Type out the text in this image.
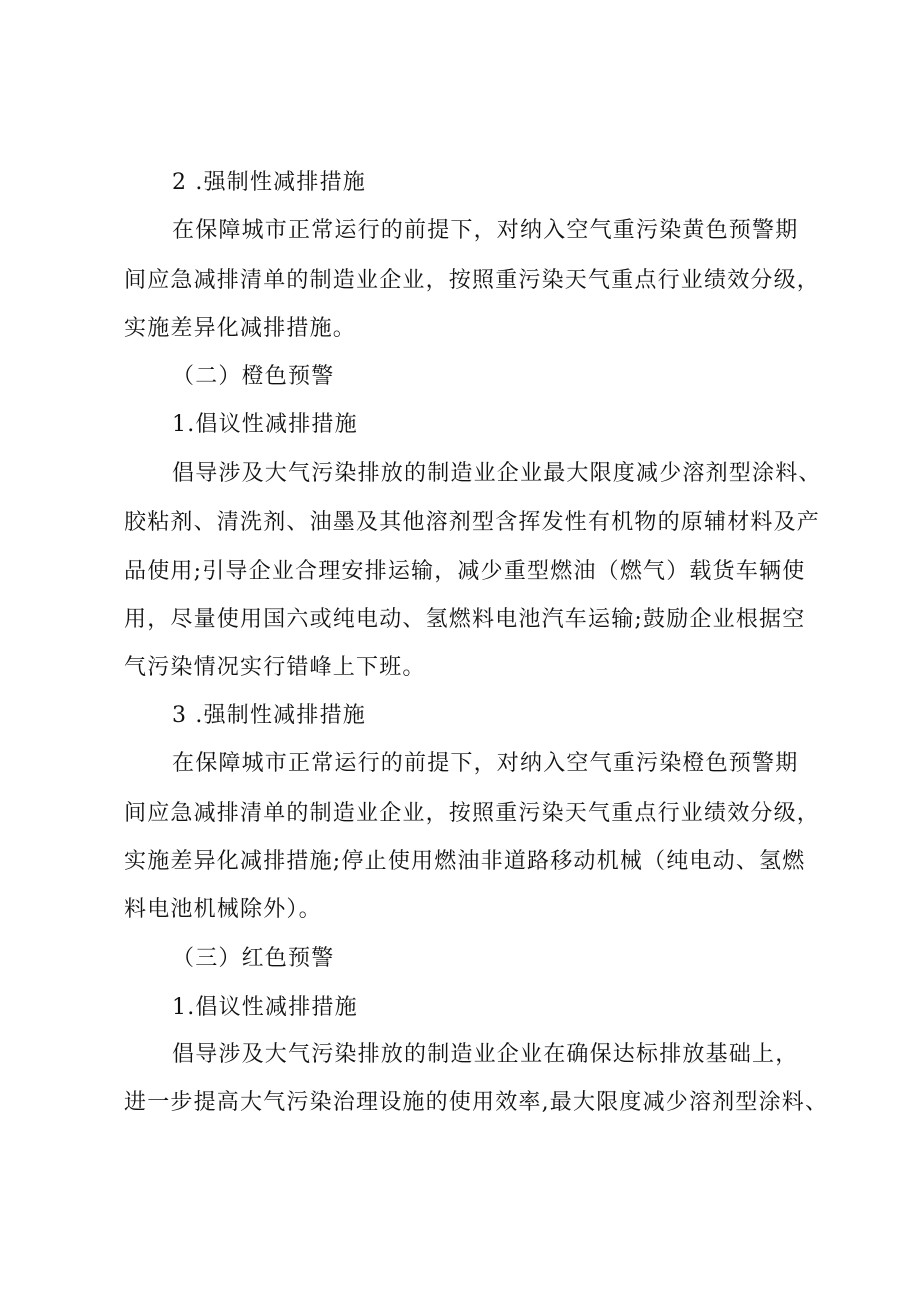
2 .强制性减排措施
在保障城市正常运行的前提下，对纳入空气重污染黄色预警期
间应急减排清单的制造业企业，按照重污染天气重点行业绩效分级，
实施差异化减排措施。
（二）橙色预警
1.倡议性减排措施
倡导涉及大气污染排放的制造业企业最大限度减少溶剂型涂料、
胶粘剂、清洗剂、油墨及其他溶剂型含挥发性有机物的原辅材料及产
品使用;引导企业合理安排运输，减少重型燃油（燃气）载货车辆使
用，尽量使用国六或纯电动、氢燃料电池汽车运输;鼓励企业根据空
气污染情况实行错峰上下班。
3 .强制性减排措施
在保障城市正常运行的前提下，对纳入空气重污染橙色预警期
间应急减排清单的制造业企业，按照重污染天气重点行业绩效分级，
实施差异化减排措施;停止使用燃油非道路移动机械（纯电动、氢燃
料电池机械除外）。
（三）红色预警
1.倡议性减排措施
倡导涉及大气污染排放的制造业企业在确保达标排放基础上，
进一步提高大气污染治理设施的使用效率,最大限度减少溶剂型涂料、
